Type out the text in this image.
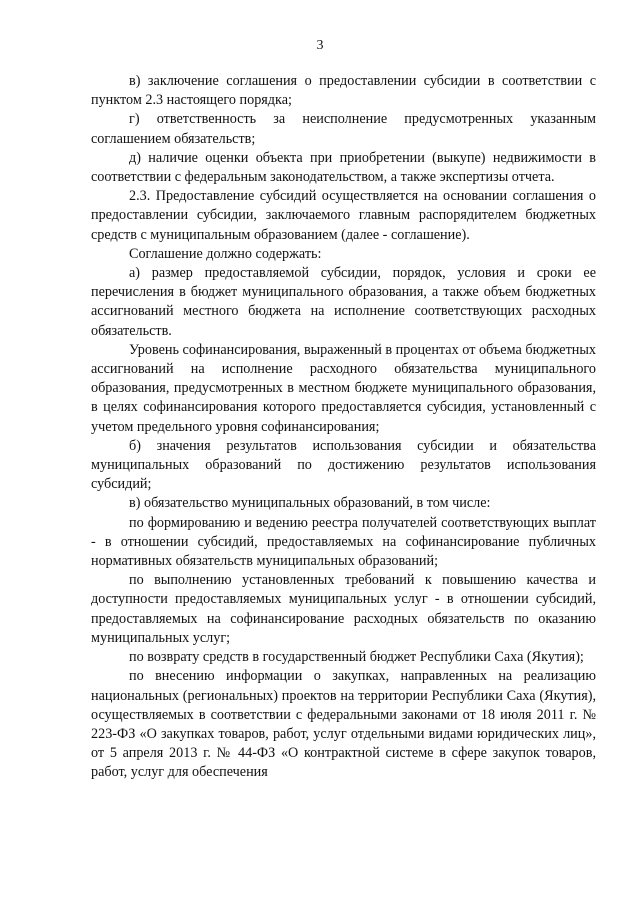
3

в) заключение соглашения о предоставлении субсидии в соответствии с пунктом 2.3 настоящего порядка;

г) ответственность за неисполнение предусмотренных указанным соглашением обязательств;

д) наличие оценки объекта при приобретении (выкупе) недвижимости в соответствии с федеральным законодательством, а также экспертизы отчета.

2.3. Предоставление субсидий осуществляется на основании соглашения о предоставлении субсидии, заключаемого главным распорядителем бюджетных средств с муниципальным образованием (далее - соглашение).

Соглашение должно содержать:

а) размер предоставляемой субсидии, порядок, условия и сроки ее перечисления в бюджет муниципального образования, а также объем бюджетных ассигнований местного бюджета на исполнение соответствующих расходных обязательств.

Уровень софинансирования, выраженный в процентах от объема бюджетных ассигнований на исполнение расходного обязательства муниципального образования, предусмотренных в местном бюджете муниципального образования, в целях софинансирования которого предоставляется субсидия, установленный с учетом предельного уровня софинансирования;

б) значения результатов использования субсидии и обязательства муниципальных образований по достижению результатов использования субсидий;

в) обязательство муниципальных образований, в том числе:

по формированию и ведению реестра получателей соответствующих выплат - в отношении субсидий, предоставляемых на софинансирование публичных нормативных обязательств муниципальных образований;

по выполнению установленных требований к повышению качества и доступности предоставляемых муниципальных услуг - в отношении субсидий, предоставляемых на софинансирование расходных обязательств по оказанию муниципальных услуг;

по возврату средств в государственный бюджет Республики Саха (Якутия);

по внесению информации о закупках, направленных на реализацию национальных (региональных) проектов на территории Республики Саха (Якутия), осуществляемых в соответствии с федеральными законами от 18 июля 2011 г. № 223-ФЗ «О закупках товаров, работ, услуг отдельными видами юридических лиц», от 5 апреля 2013 г. № 44-ФЗ «О контрактной системе в сфере закупок товаров, работ, услуг для обеспечения
